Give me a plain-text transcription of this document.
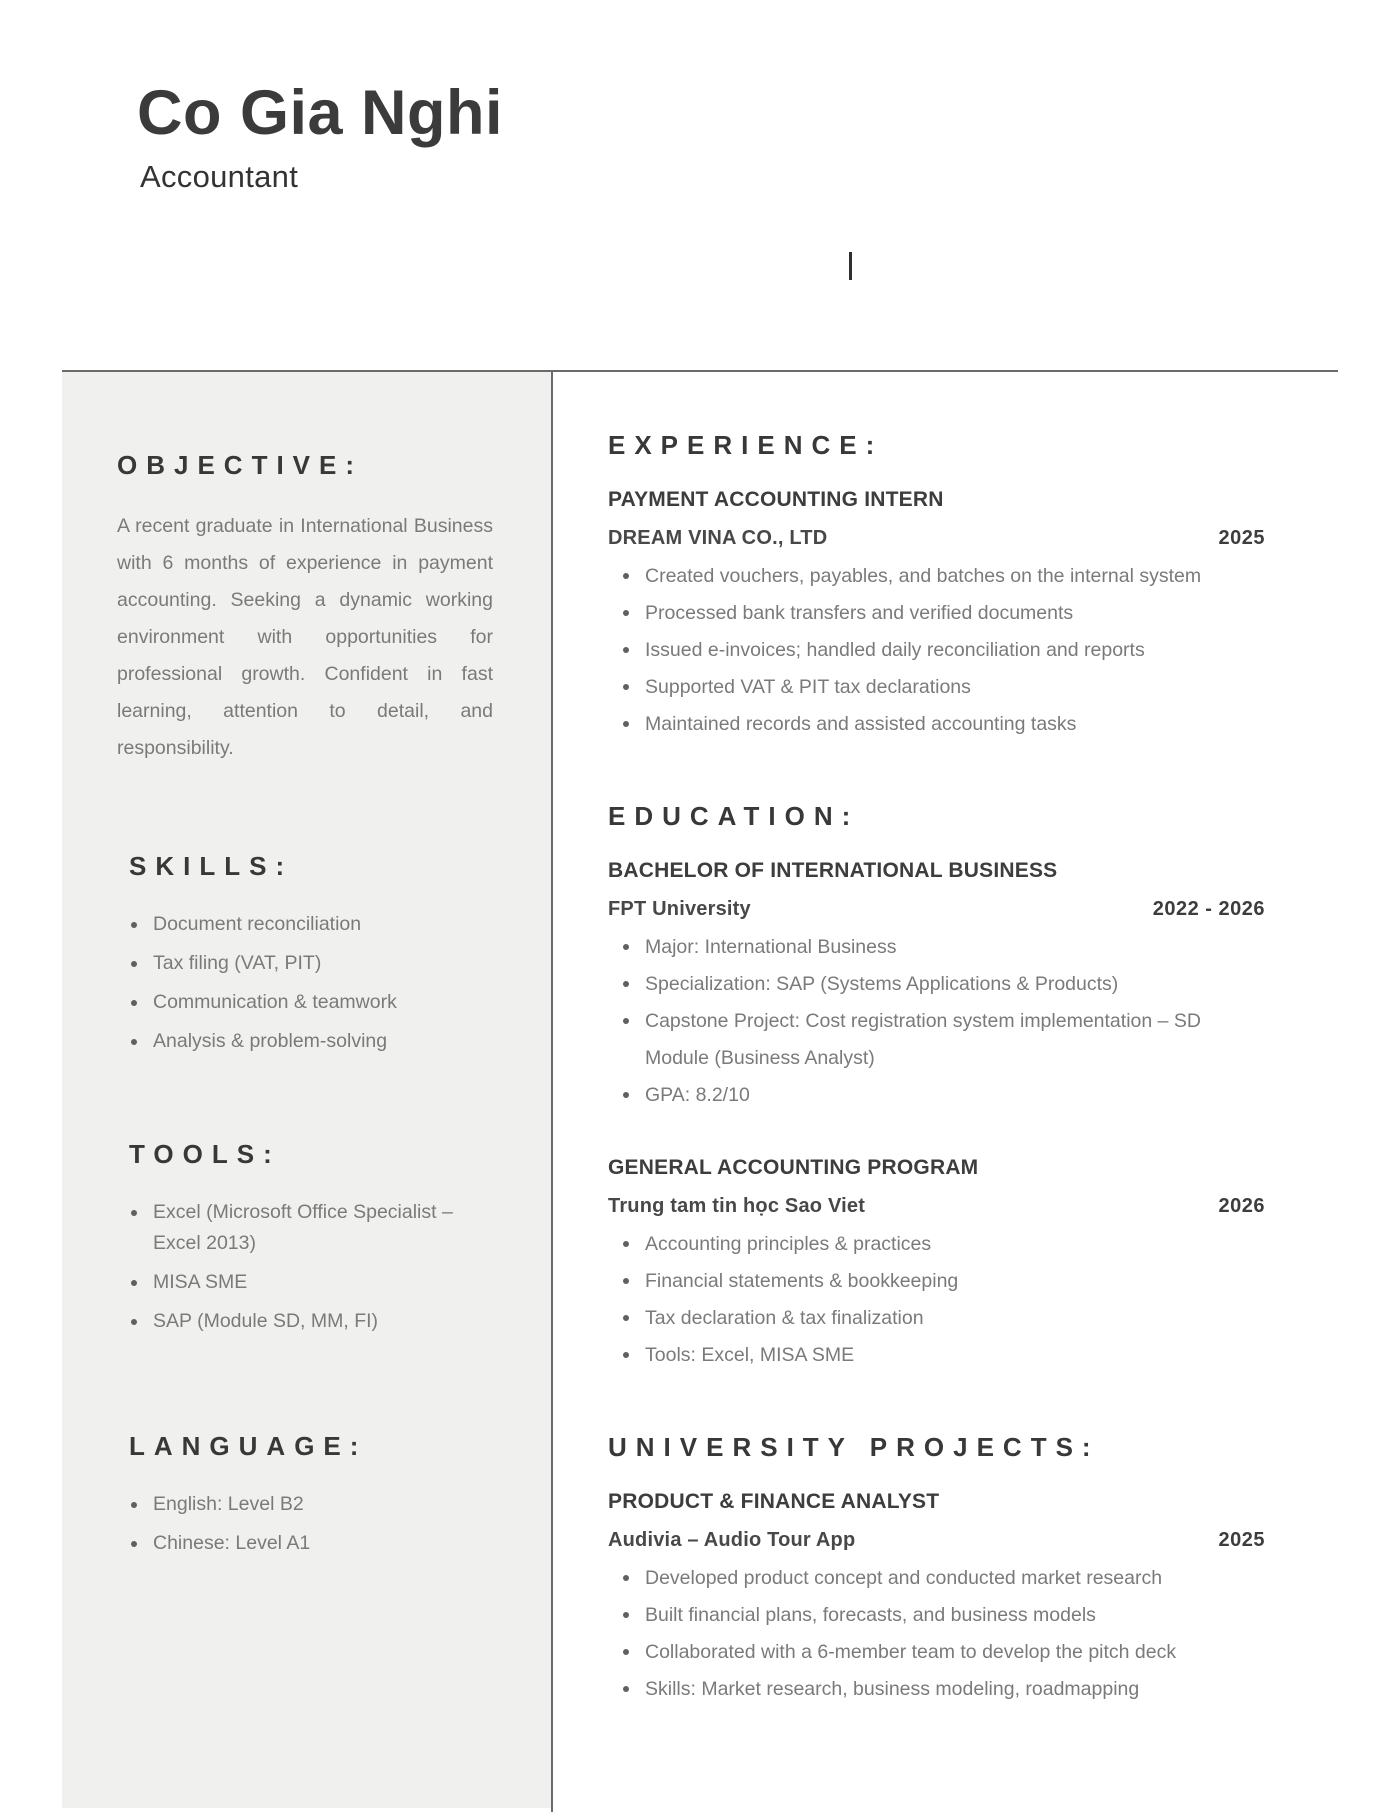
Co Gia Nghi
Accountant
OBJECTIVE:

A recent graduate in International Business with 6 months of experience in payment accounting. Seeking a dynamic working environment with opportunities for professional growth. Confident in fast learning, attention to detail, and responsibility.

SKILLS:
Document reconciliation
Tax filing (VAT, PIT)
Communication & teamwork
Analysis & problem-solving
TOOLS:
Excel (Microsoft Office Specialist – Excel 2013)
MISA SME
SAP (Module SD, MM, FI)
LANGUAGE:
English: Level B2
Chinese: Level A1
EXPERIENCE:
PAYMENT ACCOUNTING INTERN
DREAM VINA CO., LTD	2025
Created vouchers, payables, and batches on the internal system
Processed bank transfers and verified documents
Issued e-invoices; handled daily reconciliation and reports
Supported VAT & PIT tax declarations
Maintained records and assisted accounting tasks
EDUCATION:
BACHELOR OF INTERNATIONAL BUSINESS
FPT University	2022 - 2026
Major: International Business
Specialization: SAP (Systems Applications & Products)
Capstone Project: Cost registration system implementation – SD Module (Business Analyst)
GPA: 8.2/10
GENERAL ACCOUNTING PROGRAM
Trung tam tin học Sao Viet	2026
Accounting principles & practices
Financial statements & bookkeeping
Tax declaration & tax finalization
Tools: Excel, MISA SME
UNIVERSITY PROJECTS:
PRODUCT & FINANCE ANALYST
Audivia – Audio Tour App	2025
Developed product concept and conducted market research
Built financial plans, forecasts, and business models
Collaborated with a 6-member team to develop the pitch deck
Skills: Market research, business modeling, roadmapping
